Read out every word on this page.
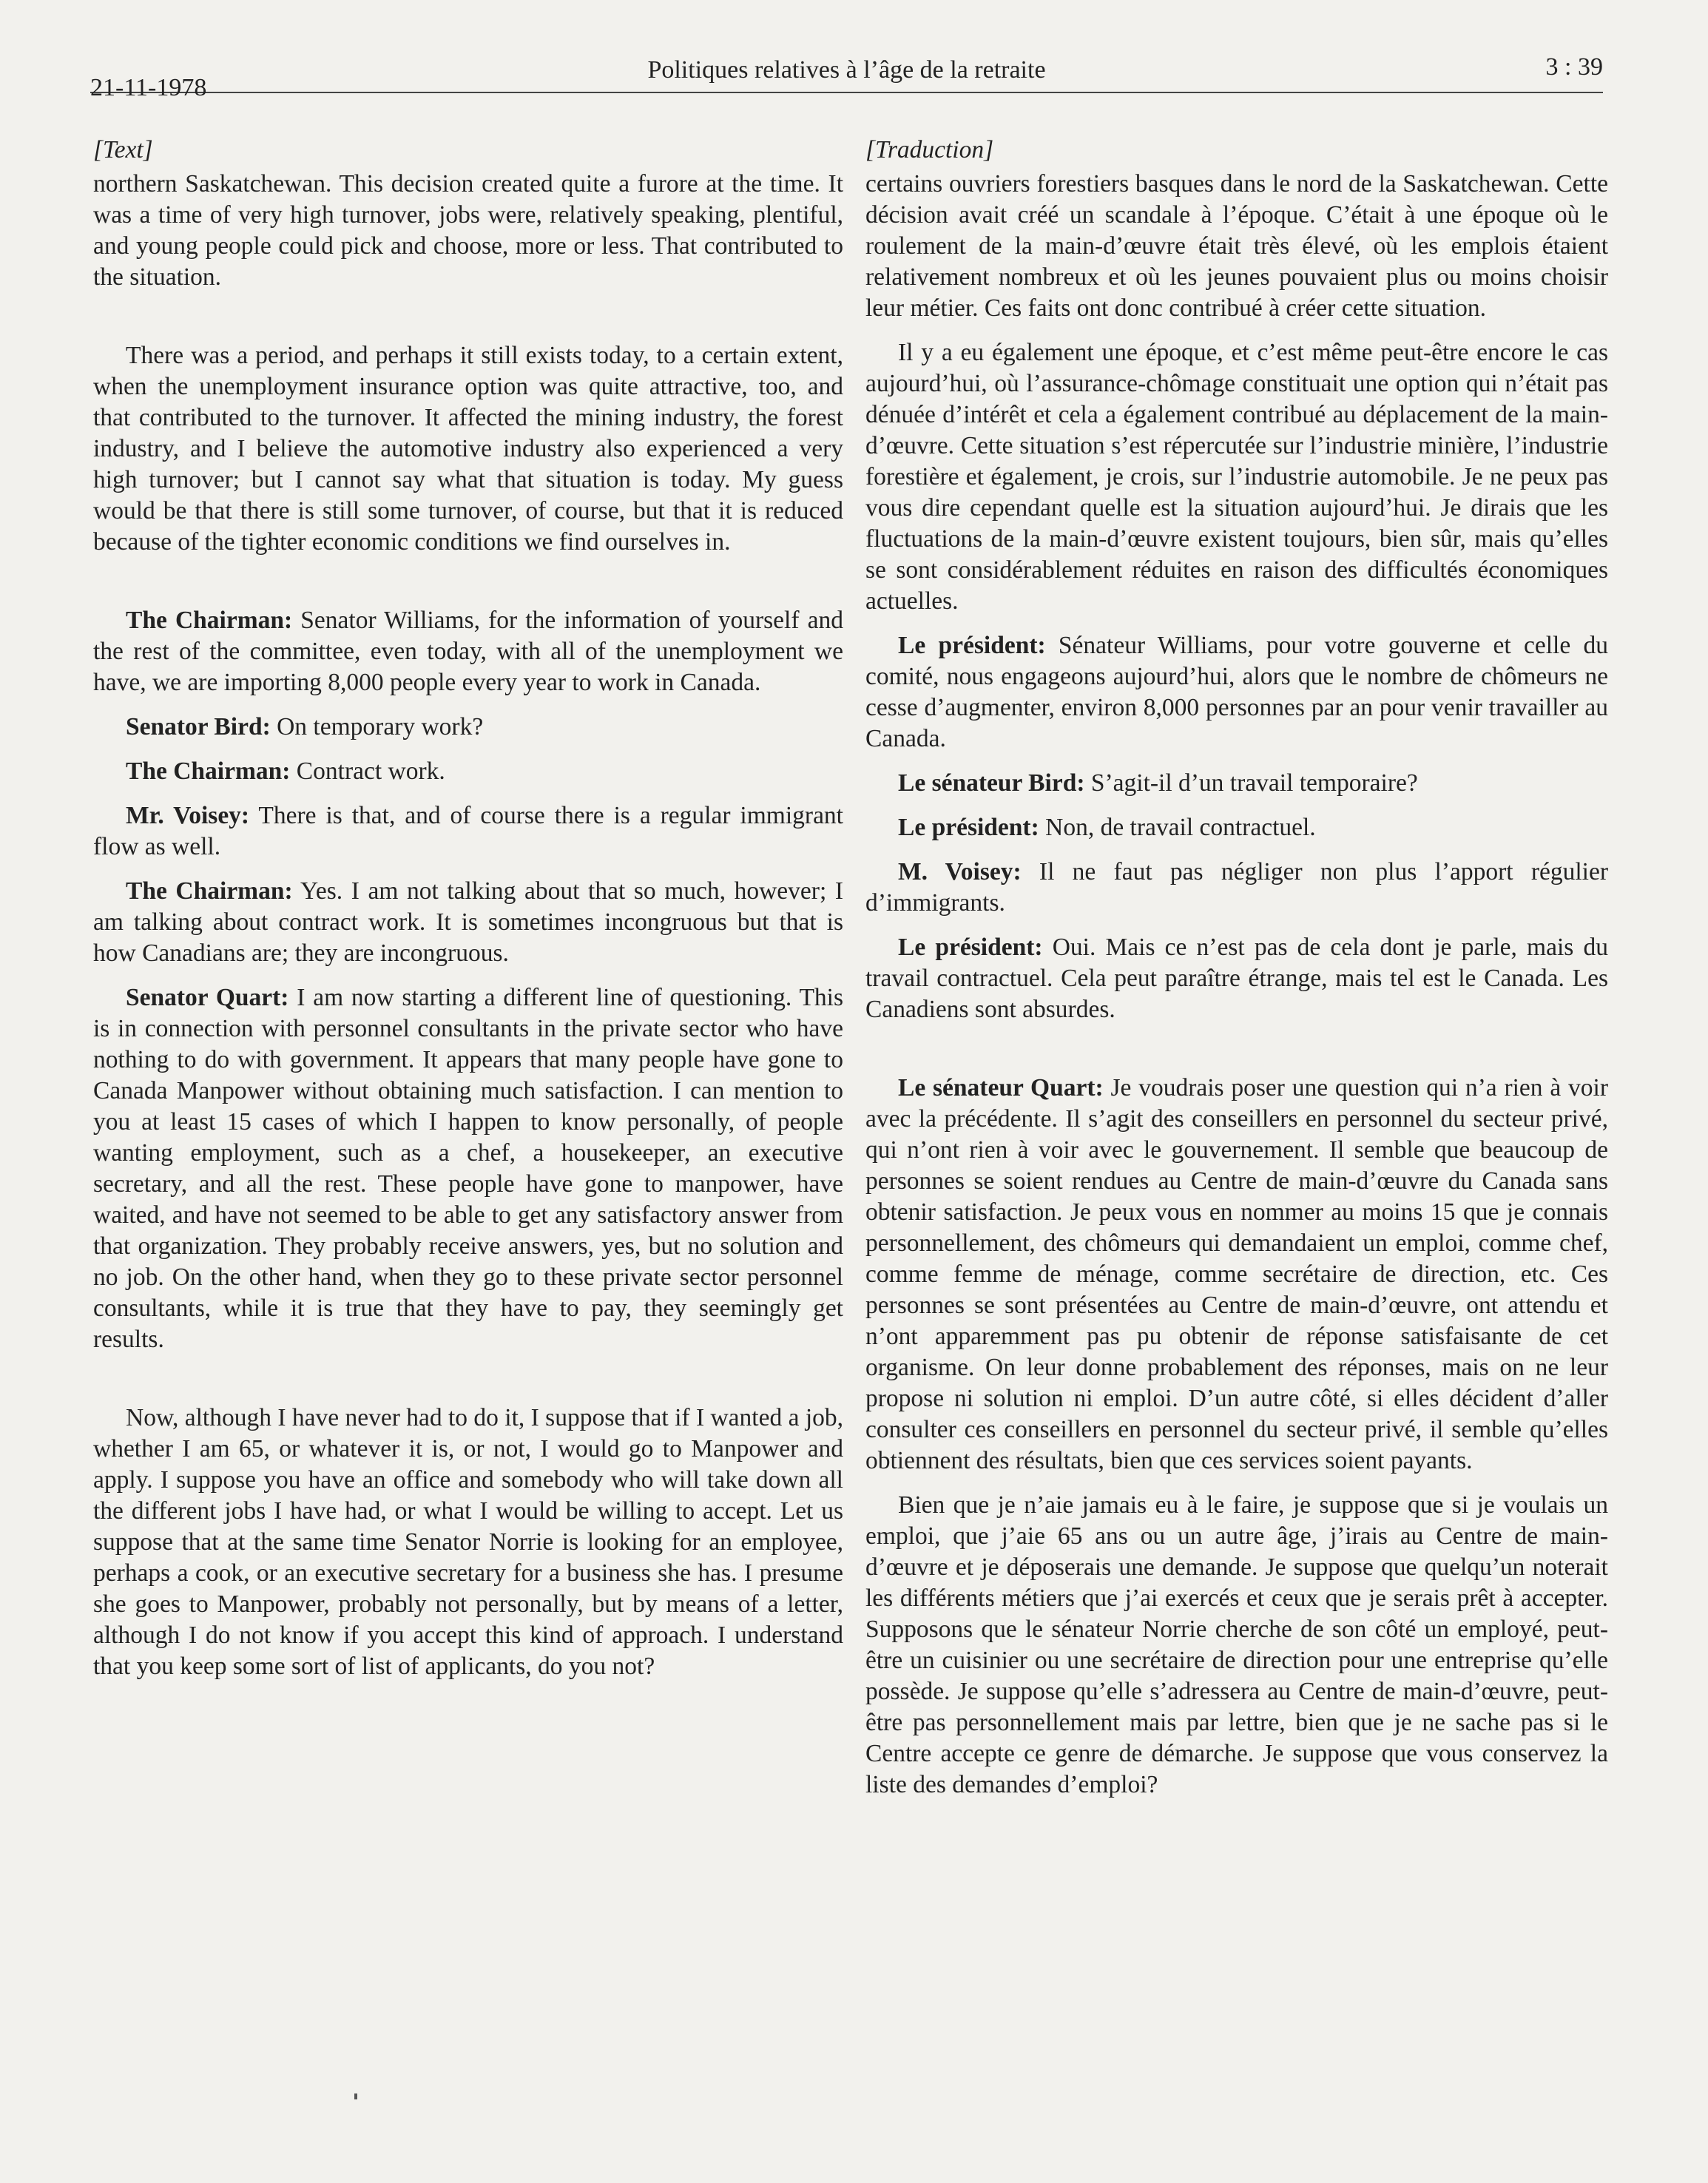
21-11-1978
Politiques relatives à l’âge de la retraite	3 : 39
[Text]

northern Saskatchewan. This decision created quite a furore at the time. It was a time of very high turnover, jobs were, relatively speaking, plentiful, and young people could pick and choose, more or less. That contributed to the situation.

There was a period, and perhaps it still exists today, to a certain extent, when the unemployment insurance option was quite attractive, too, and that contributed to the turnover. It affected the mining industry, the forest industry, and I believe the automotive industry also experienced a very high turnover; but I cannot say what that situation is today. My guess would be that there is still some turnover, of course, but that it is reduced because of the tighter economic conditions we find ourselves in.

The Chairman: Senator Williams, for the information of yourself and the rest of the committee, even today, with all of the unemployment we have, we are importing 8,000 people every year to work in Canada.

Senator Bird: On temporary work?

The Chairman: Contract work.

Mr. Voisey: There is that, and of course there is a regular immigrant flow as well.

The Chairman: Yes. I am not talking about that so much, however; I am talking about contract work. It is sometimes incongruous but that is how Canadians are; they are incongruous.

Senator Quart: I am now starting a different line of questioning. This is in connection with personnel consultants in the private sector who have nothing to do with government. It appears that many people have gone to Canada Manpower without obtaining much satisfaction. I can mention to you at least 15 cases of which I happen to know personally, of people wanting employment, such as a chef, a housekeeper, an executive secretary, and all the rest. These people have gone to manpower, have waited, and have not seemed to be able to get any satisfactory answer from that organization. They probably receive answers, yes, but no solution and no job. On the other hand, when they go to these private sector personnel consultants, while it is true that they have to pay, they seemingly get results.

Now, although I have never had to do it, I suppose that if I wanted a job, whether I am 65, or whatever it is, or not, I would go to Manpower and apply. I suppose you have an office and somebody who will take down all the different jobs I have had, or what I would be willing to accept. Let us suppose that at the same time Senator Norrie is looking for an employee, perhaps a cook, or an executive secretary for a business she has. I presume she goes to Manpower, probably not personally, but by means of a letter, although I do not know if you accept this kind of approach. I understand that you keep some sort of list of applicants, do you not?

[Traduction]

certains ouvriers forestiers basques dans le nord de la Saskatchewan. Cette décision avait créé un scandale à l’époque. C’était à une époque où le roulement de la main-d’œuvre était très élevé, où les emplois étaient relativement nombreux et où les jeunes pouvaient plus ou moins choisir leur métier. Ces faits ont donc contribué à créer cette situation.

Il y a eu également une époque, et c’est même peut-être encore le cas aujourd’hui, où l’assurance-chômage constituait une option qui n’était pas dénuée d’intérêt et cela a également contribué au déplacement de la main-d’œuvre. Cette situation s’est répercutée sur l’industrie minière, l’industrie forestière et également, je crois, sur l’industrie automobile. Je ne peux pas vous dire cependant quelle est la situation aujourd’hui. Je dirais que les fluctuations de la main-d’œuvre existent toujours, bien sûr, mais qu’elles se sont considérablement réduites en raison des difficultés économiques actuelles.

Le président: Sénateur Williams, pour votre gouverne et celle du comité, nous engageons aujourd’hui, alors que le nombre de chômeurs ne cesse d’augmenter, environ 8,000 personnes par an pour venir travailler au Canada.

Le sénateur Bird: S’agit-il d’un travail temporaire?

Le président: Non, de travail contractuel.

M. Voisey: Il ne faut pas négliger non plus l’apport régulier d’immigrants.

Le président: Oui. Mais ce n’est pas de cela dont je parle, mais du travail contractuel. Cela peut paraître étrange, mais tel est le Canada. Les Canadiens sont absurdes.

Le sénateur Quart: Je voudrais poser une question qui n’a rien à voir avec la précédente. Il s’agit des conseillers en personnel du secteur privé, qui n’ont rien à voir avec le gouvernement. Il semble que beaucoup de personnes se soient rendues au Centre de main-d’œuvre du Canada sans obtenir satisfaction. Je peux vous en nommer au moins 15 que je connais personnellement, des chômeurs qui demandaient un emploi, comme chef, comme femme de ménage, comme secrétaire de direction, etc. Ces personnes se sont présentées au Centre de main-d’œuvre, ont attendu et n’ont apparemment pas pu obtenir de réponse satisfaisante de cet organisme. On leur donne probablement des réponses, mais on ne leur propose ni solution ni emploi. D’un autre côté, si elles décident d’aller consulter ces conseillers en personnel du secteur privé, il semble qu’elles obtiennent des résultats, bien que ces services soient payants.

Bien que je n’aie jamais eu à le faire, je suppose que si je voulais un emploi, que j’aie 65 ans ou un autre âge, j’irais au Centre de main-d’œuvre et je déposerais une demande. Je suppose que quelqu’un noterait les différents métiers que j’ai exercés et ceux que je serais prêt à accepter. Supposons que le sénateur Norrie cherche de son côté un employé, peut-être un cuisinier ou une secrétaire de direction pour une entreprise qu’elle possède. Je suppose qu’elle s’adressera au Centre de main-d’œuvre, peut-être pas personnellement mais par lettre, bien que je ne sache pas si le Centre accepte ce genre de démarche. Je suppose que vous conservez la liste des demandes d’emploi?
